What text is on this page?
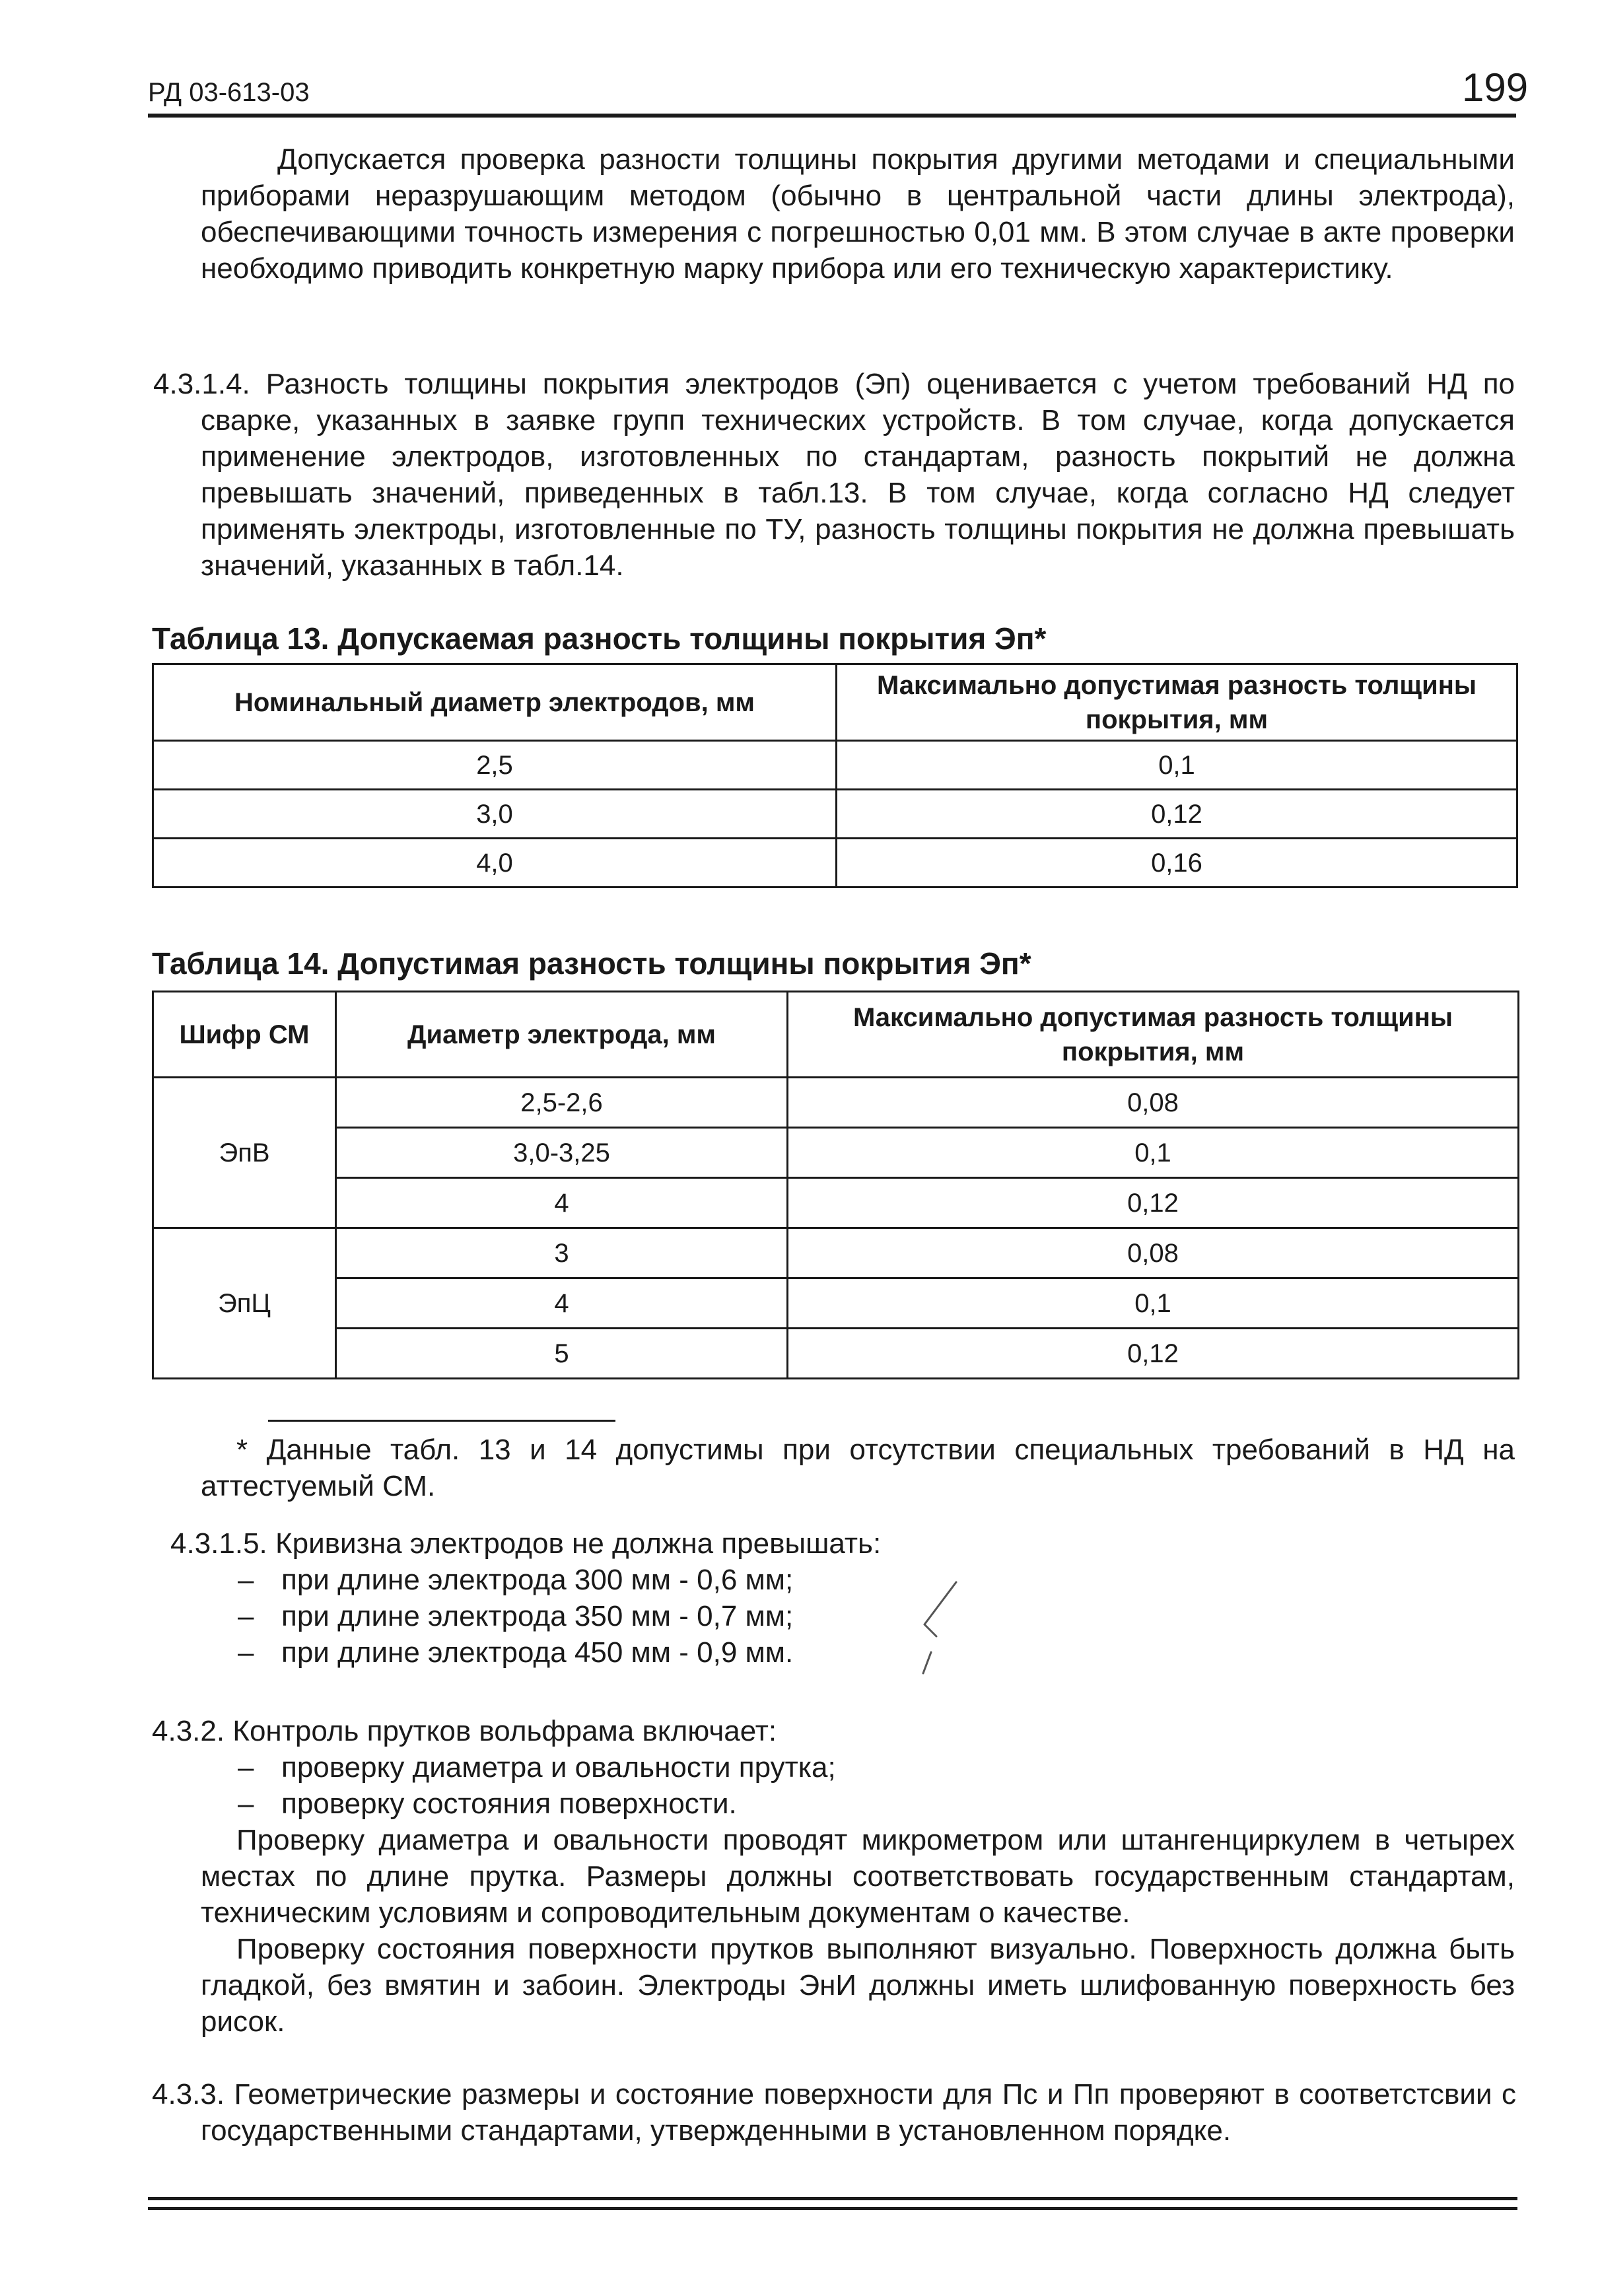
РД 03-613-03	199

Допускается проверка разности толщины покрытия другими методами и специальными приборами неразрушающим методом (обычно в центральной части длины электрода), обеспечивающими точность измерения с погрешностью 0,01 мм. В этом случае в акте проверки необходимо приводить конкретную марку прибора или его техническую характеристику.

4.3.1.4. Разность толщины покрытия электродов (Эп) оценивается с учетом требований НД по сварке, указанных в заявке групп технических устройств. В том случае, когда допускается применение электродов, изготовленных по стандартам, разность покрытий не должна превышать значений, приведенных в табл.13. В том случае, когда согласно НД следует применять электроды, изготовленные по ТУ, разность толщины покрытия не должна превышать значений, указанных в табл.14.

Таблица 13. Допускаемая разность толщины покрытия Эп*
Номинальный диаметр электродов, мм	Максимально допустимая разность толщины покрытия, мм
2,5	0,1
3,0	0,12
4,0	0,16
Таблица 14. Допустимая разность толщины покрытия Эп*
Шифр СМ	Диаметр электрода, мм	Максимально допустимая разность толщины покрытия, мм
ЭпВ	2,5-2,6	0,08
	3,0-3,25	0,1
	4	0,12
ЭпЦ	3	0,08
	4	0,1
	5	0,12

* Данные табл. 13 и 14 допустимы при отсутствии специальных требований в НД на аттестуемый СМ.

4.3.1.5. Кривизна электродов не должна превышать:
– при длине электрода 300 мм - 0,6 мм;
– при длине электрода 350 мм - 0,7 мм;
– при длине электрода 450 мм - 0,9 мм.
4.3.2. Контроль прутков вольфрама включает:
– проверку диаметра и овальности прутка;
– проверку состояния поверхности.

Проверку диаметра и овальности проводят микрометром или штангенциркулем в четырех местах по длине прутка. Размеры должны соответствовать государственным стандартам, техническим условиям и сопроводительным документам о качестве.

Проверку состояния поверхности прутков выполняют визуально. Поверхность должна быть гладкой, без вмятин и забоин. Электроды ЭнИ должны иметь шлифованную поверхность без рисок.

4.3.3. Геометрические размеры и состояние поверхности для Пс и Пп проверяют в соответстсвии с государственными стандартами, утвержденными в установленном порядке.
